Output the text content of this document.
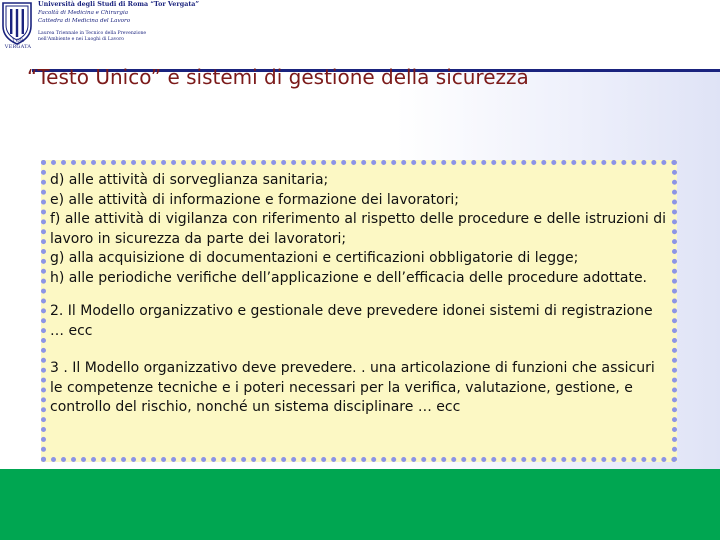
TOR VERGATA
Università degli Studi di Roma “Tor Vergata”
Facoltà di Medicina e Chirurgia
Cattedra di Medicina del Lavoro
Laurea Triennale in Tecnico della Prevenzione
nell'Ambiente e nei Luoghi di Lavoro
“Testo Unico” e sistemi di gestione della sicurezza

d) alle attività di sorveglianza sanitaria;

e) alle attività di informazione e formazione dei lavoratori;

f) alle attività di vigilanza con riferimento al rispetto delle procedure e delle istruzioni di lavoro in sicurezza da parte dei lavoratori;

g) alla acquisizione di documentazioni e certificazioni obbligatorie di legge;

h) alle periodiche verifiche dell’applicazione e dell’efficacia delle procedure adottate.

2. Il Modello organizzativo e gestionale deve prevedere idonei sistemi di registrazione … ecc

3 . Il Modello organizzativo deve prevedere. . una articolazione di funzioni che assicuri le competenze tecniche e i poteri necessari per la verifica, valutazione, gestione, e controllo del rischio, nonché un sistema disciplinare … ecc
